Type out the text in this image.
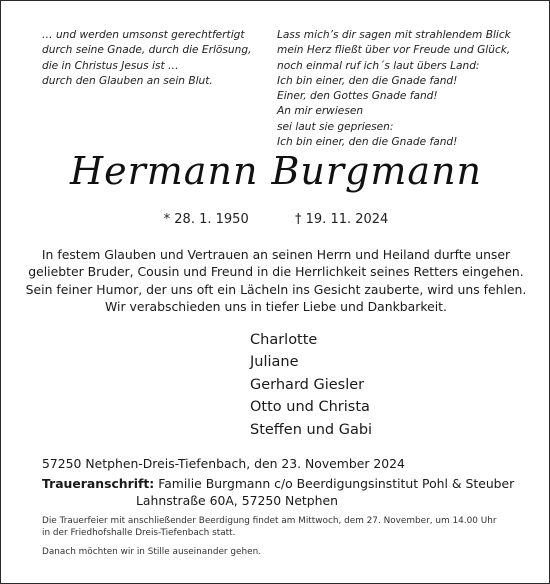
… und werden umsonst gerechtfertigt
durch seine Gnade, durch die Erlösung,
die in Christus Jesus ist …
durch den Glauben an sein Blut.
Lass mich’s dir sagen mit strahlendem Blick
mein Herz fließt über vor Freude und Glück,
noch einmal ruf ich´s laut übers Land:
Ich bin einer, den die Gnade fand!
Einer, den Gottes Gnade fand!
An mir erwiesen
sei laut sie gepriesen:
Ich bin einer, den die Gnade fand!
Hermann Burgmann
* 28. 1. 1950	† 19. 11. 2024
In festem Glauben und Vertrauen an seinen Herrn und Heiland durfte unser
geliebter Bruder, Cousin und Freund in die Herrlichkeit seines Retters eingehen.
Sein feiner Humor, der uns oft ein Lächeln ins Gesicht zauberte, wird uns fehlen.
Wir verabschieden uns in tiefer Liebe und Dankbarkeit.
Charlotte
Juliane
Gerhard Giesler
Otto und Christa
Steffen und Gabi
57250 Netphen-Dreis-Tiefenbach, den 23. November 2024
Traueranschrift: Familie Burgmann c/o Beerdigungsinstitut Pohl & Steuber
Lahnstraße 60A, 57250 Netphen
Die Trauerfeier mit anschließender Beerdigung findet am Mittwoch, dem 27. November, um 14.00 Uhr
in der Friedhofshalle Dreis-Tiefenbach statt.
Danach möchten wir in Stille auseinander gehen.
